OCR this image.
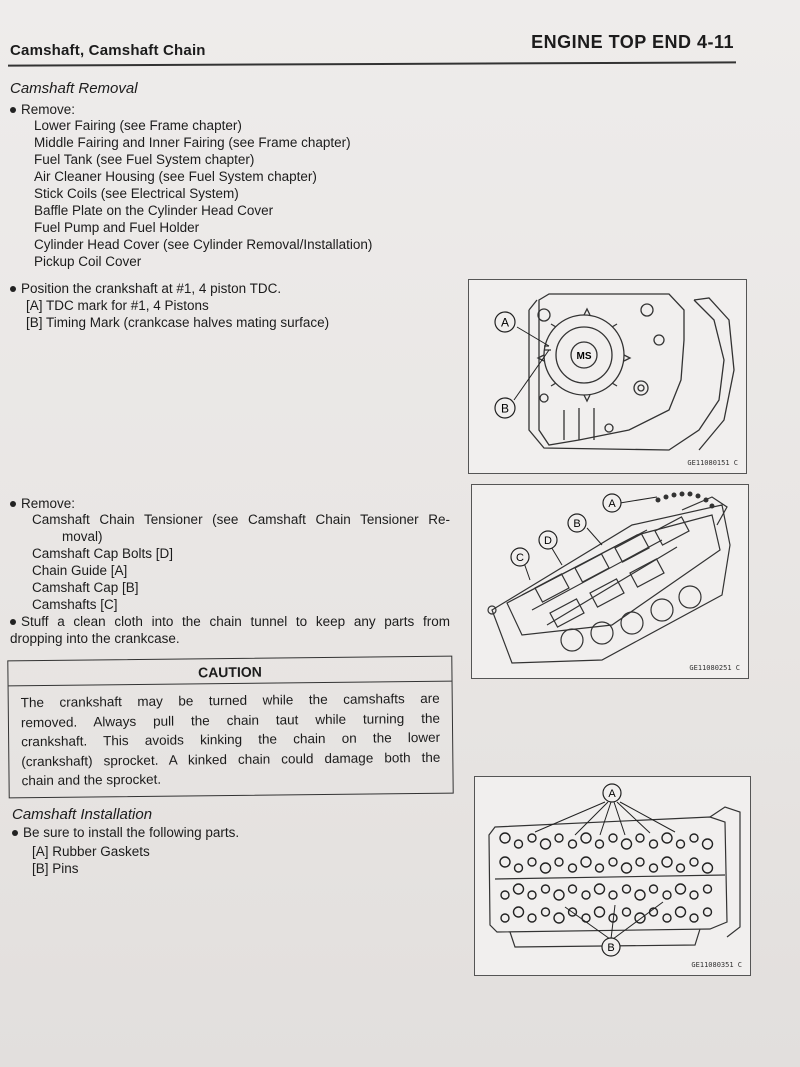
Camshaft, Camshaft Chain	ENGINE TOP END 4-11
Camshaft Removal
Remove:
Lower Fairing (see Frame chapter)
Middle Fairing and Inner Fairing (see Frame chapter)
Fuel Tank (see Fuel System chapter)
Air Cleaner Housing (see Fuel System chapter)
Stick Coils (see Electrical System)
Baffle Plate on the Cylinder Head Cover
Fuel Pump and Fuel Holder
Cylinder Head Cover (see Cylinder Removal/Installation)
Pickup Coil Cover
Position the crankshaft at #1, 4 piston TDC.
[A] TDC mark for #1, 4 Pistons
[B] Timing Mark (crankcase halves mating surface)	A
B
MS
GE11080151 C
Remove:
Camshaft Chain Tensioner (see Camshaft Chain Tensioner Re-
moval)
Camshaft Cap Bolts [D]
Chain Guide [A]
Camshaft Cap [B]
Camshafts [C]
Stuff a clean cloth into the chain tunnel to keep any parts from
dropping into the crankcase.
A
B
C
D
GE11080251 C
CAUTION
The crankshaft may be turned while the camshafts are
removed. Always pull the chain taut while turning the
crankshaft. This avoids kinking the chain on the lower
(crankshaft) sprocket. A kinked chain could damage both the
chain and the sprocket.
Camshaft Installation
Be sure to install the following parts.
[A] Rubber Gaskets
[B] Pins
A
B
GE11080351 C
